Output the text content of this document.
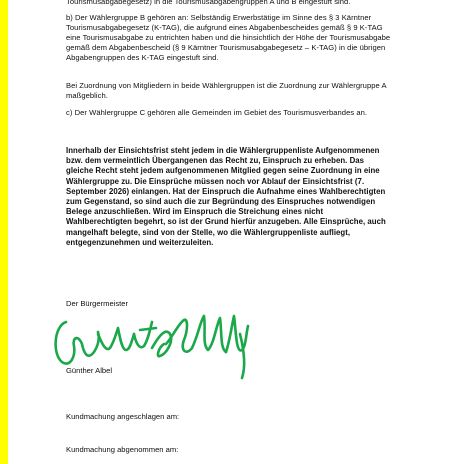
Tourismusabgabegesetz) in die Tourismusabgabengruppen A und B eingestuft sind.

b) Der Wählergruppe B gehören an: Selbständig Erwerbstätige im Sinne des § 3 Kärntner Tourismusabgabegesetz (K-TAG), die aufgrund eines Abgabenbescheides gemäß § 9 K-TAG eine Tourismusabgabe zu entrichten haben und die hinsichtlich der Höhe der Tourismusabgabe gemäß dem Abgabenbescheid (§ 9 Kärntner Tourismusabgabegesetz – K-TAG) in die übrigen Abgabengruppen des K-TAG eingestuft sind.

Bei Zuordnung von Mitgliedern in beide Wählergruppen ist die Zuordnung zur Wählergruppe A maßgeblich.

c) Der Wählergruppe C gehören alle Gemeinden im Gebiet des Tourismusverbandes an.

Innerhalb der Einsichtsfrist steht jedem in die Wählergruppenliste Aufgenommenen bzw. dem vermeintlich Übergangenen das Recht zu, Einspruch zu erheben. Das gleiche Recht steht jedem aufgenommenen Mitglied gegen seine Zuordnung in eine Wählergruppe zu. Die Einsprüche müssen noch vor Ablauf der Einsichtsfrist (7. September 2026) einlangen. Hat der Einspruch die Aufnahme eines Wahlberechtigten zum Gegenstand, so sind auch die zur Begründung des Einspruches notwendigen Belege anzuschließen. Wird im Einspruch die Streichung eines nicht Wahlberechtigten begehrt, so ist der Grund hierfür anzugeben. Alle Einsprüche, auch mangelhaft belegte, sind von der Stelle, wo die Wählergruppenliste aufliegt, entgegenzunehmen und weiterzuleiten.

Der Bürgermeister

Günther Albel

Kundmachung angeschlagen am:

Kundmachung abgenommen am:
